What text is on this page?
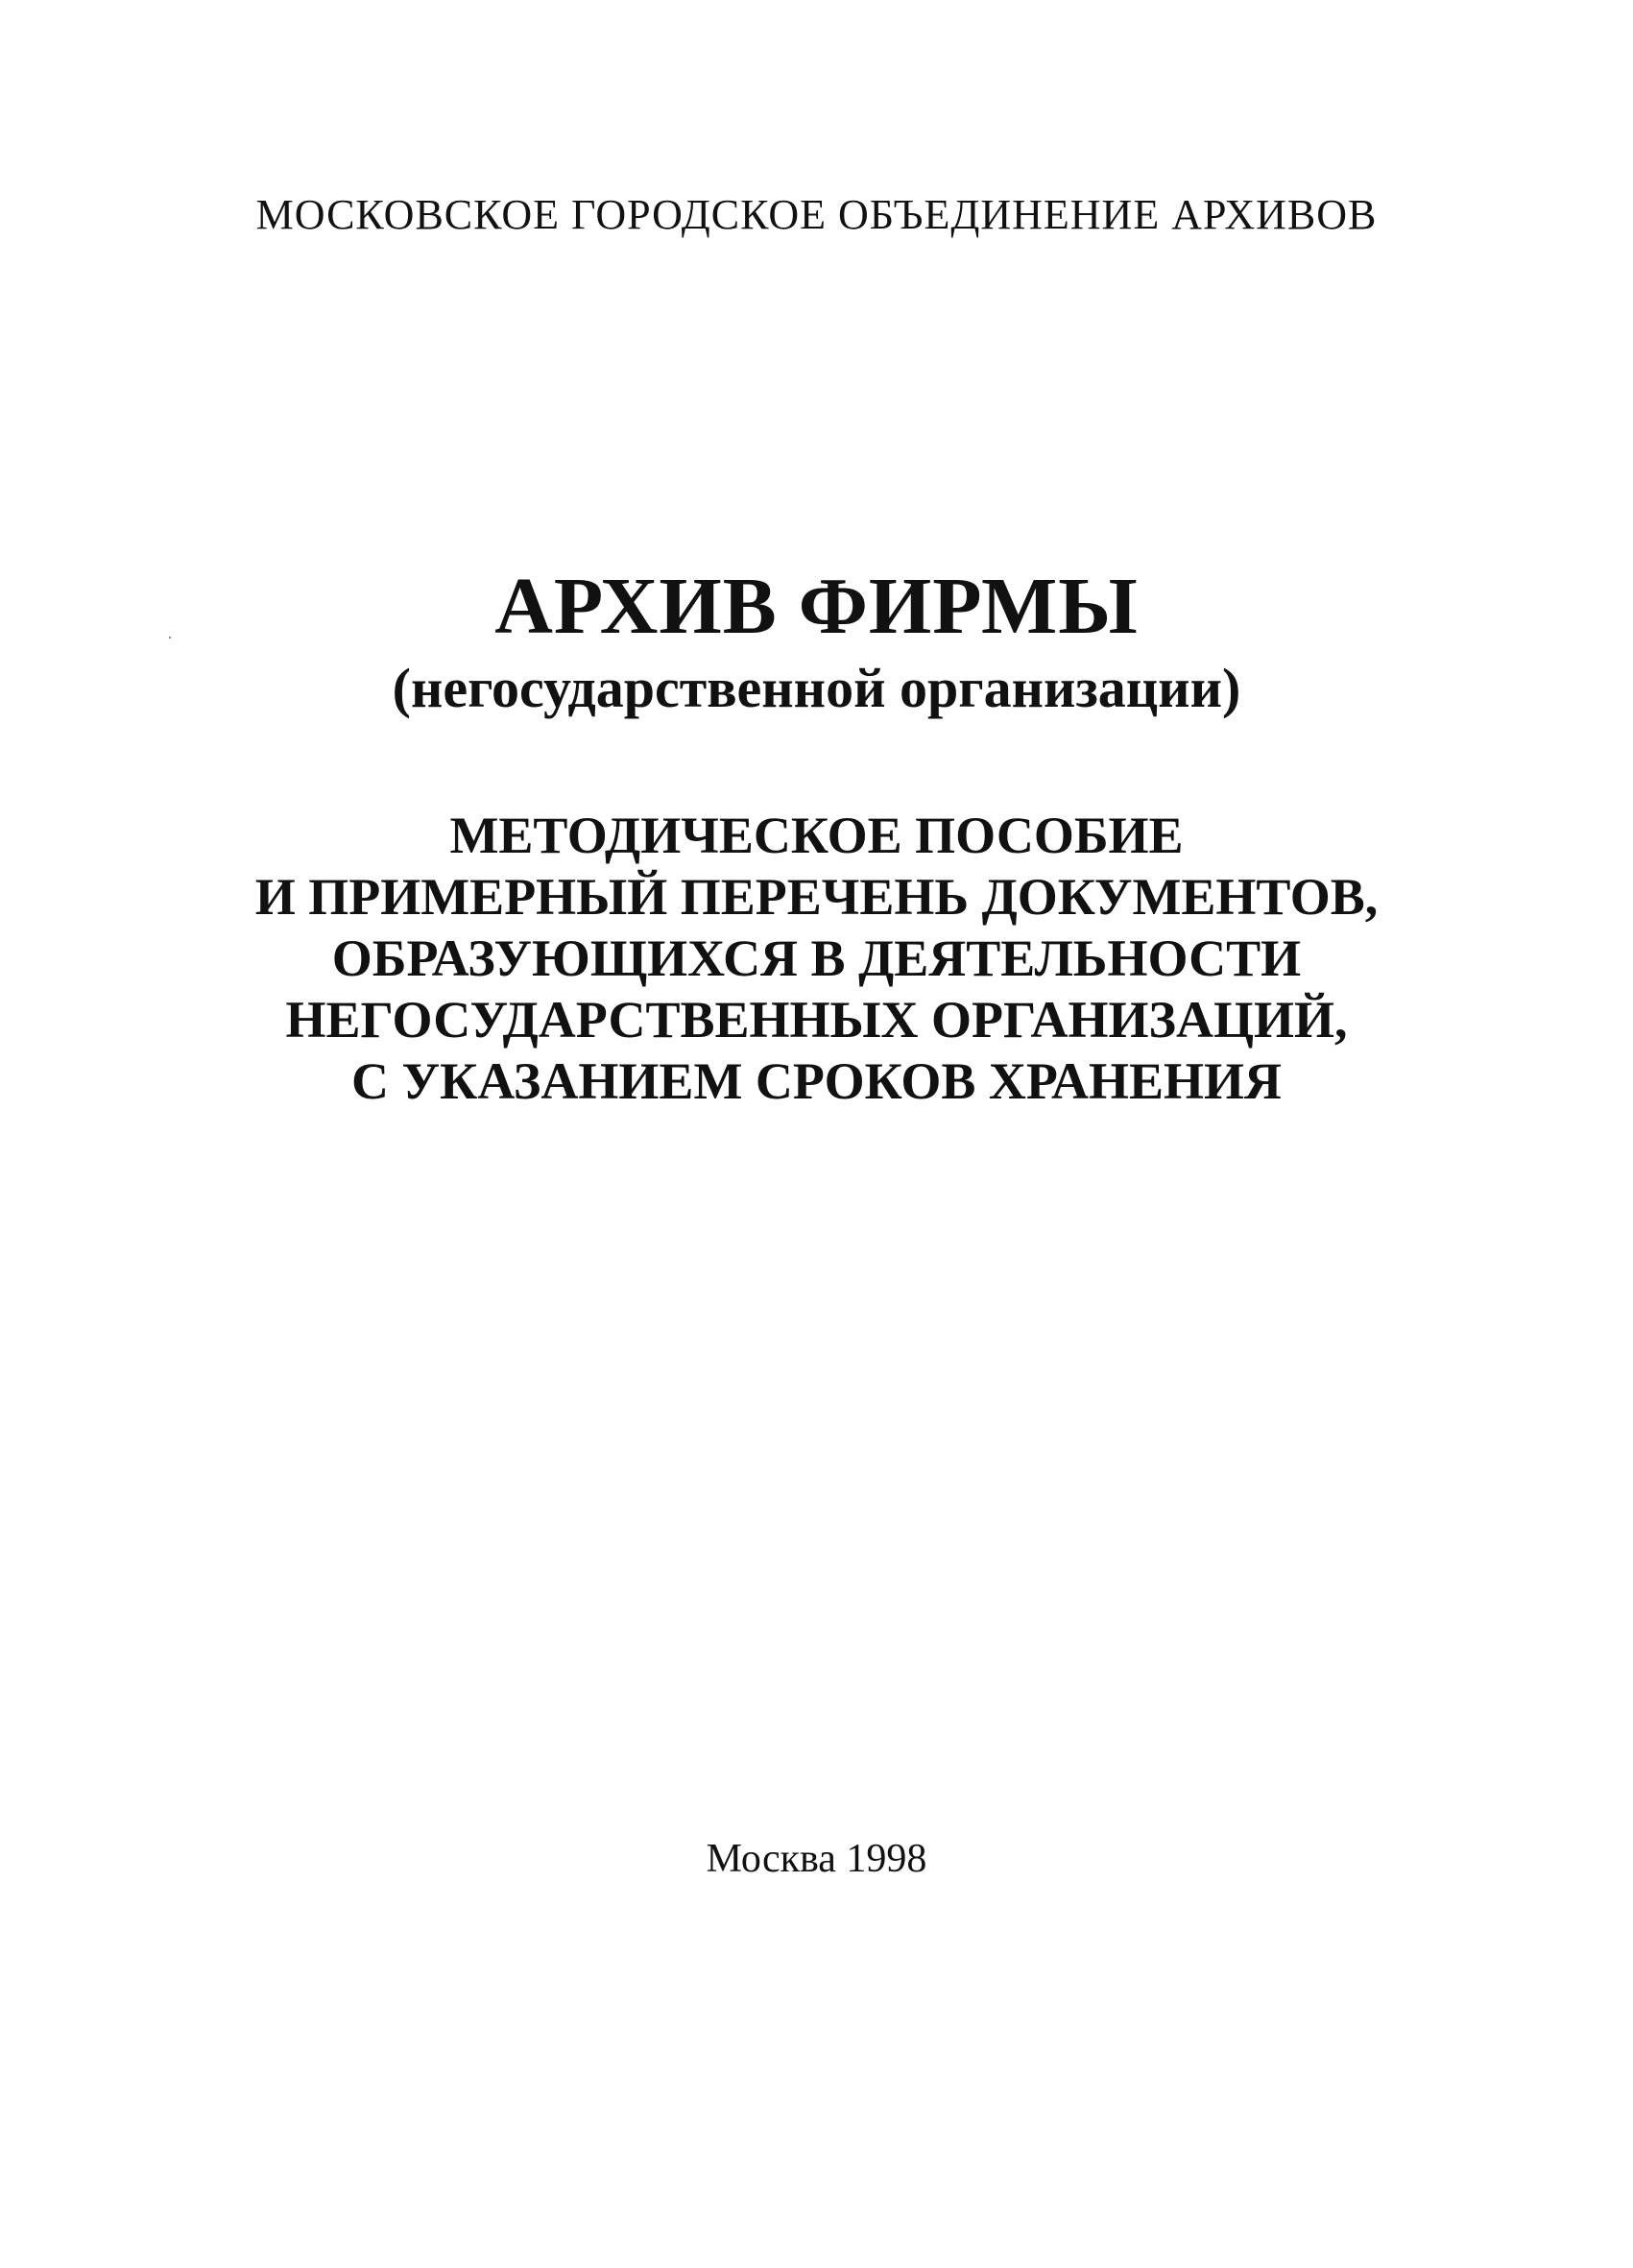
МОСКОВСКОЕ ГОРОДСКОЕ ОБЪЕДИНЕНИЕ АРХИВОВ
АРХИВ ФИРМЫ
(негосударственной организации)
МЕТОДИЧЕСКОЕ ПОСОБИЕ
И ПРИМЕРНЫЙ ПЕРЕЧЕНЬ ДОКУМЕНТОВ,
ОБРАЗУЮЩИХСЯ В ДЕЯТЕЛЬНОСТИ
НЕГОСУДАРСТВЕННЫХ ОРГАНИЗАЦИЙ,
С УКАЗАНИЕМ СРОКОВ ХРАНЕНИЯ
Москва 1998
